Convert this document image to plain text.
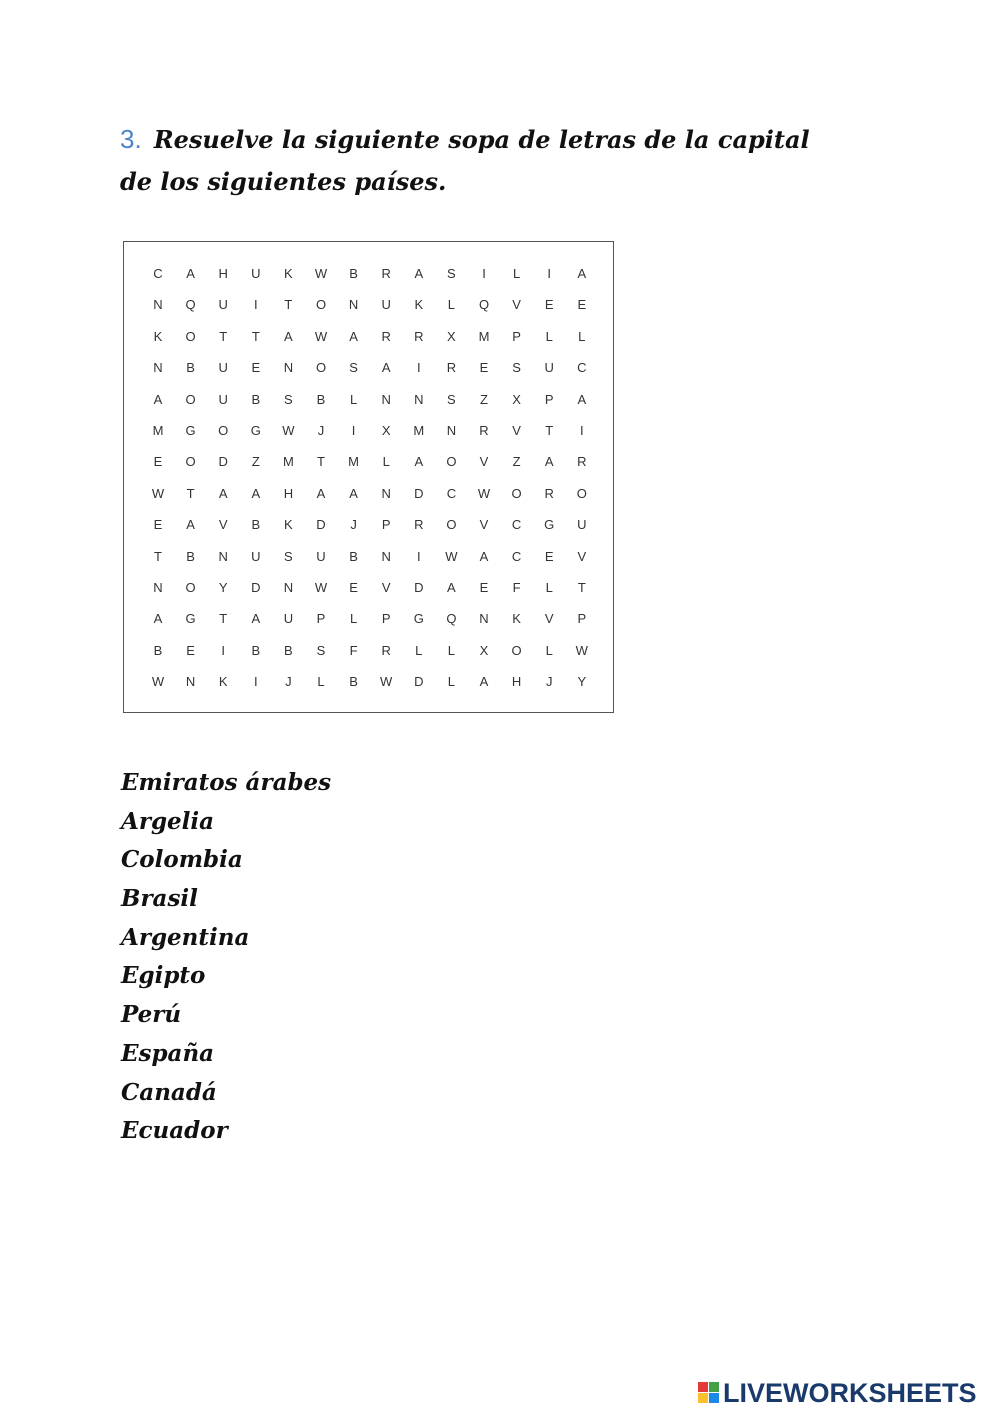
3. Resuelve la siguiente sopa de letras de la capital de los siguientes países.

C	A	H	U	K	W	B	R	A	S	I	L	I	A
N	Q	U	I	T	O	N	U	K	L	Q	V	E	E
K	O	T	T	A	W	A	R	R	X	M	P	L	L
N	B	U	E	N	O	S	A	I	R	E	S	U	C
A	O	U	B	S	B	L	N	N	S	Z	X	P	A
M	G	O	G	W	J	I	X	M	N	R	V	T	I
E	O	D	Z	M	T	M	L	A	O	V	Z	A	R
W	T	A	A	H	A	A	N	D	C	W	O	R	O
E	A	V	B	K	D	J	P	R	O	V	C	G	U
T	B	N	U	S	U	B	N	I	W	A	C	E	V
N	O	Y	D	N	W	E	V	D	A	E	F	L	T
A	G	T	A	U	P	L	P	G	Q	N	K	V	P
B	E	I	B	B	S	F	R	L	L	X	O	L	W
W	N	K	I	J	L	B	W	D	L	A	H	J	Y
Emiratos árabes
Argelia
Colombia
Brasil
Argentina
Egipto
Perú
España
Canadá
Ecuador
LIVEWORKSHEETS
